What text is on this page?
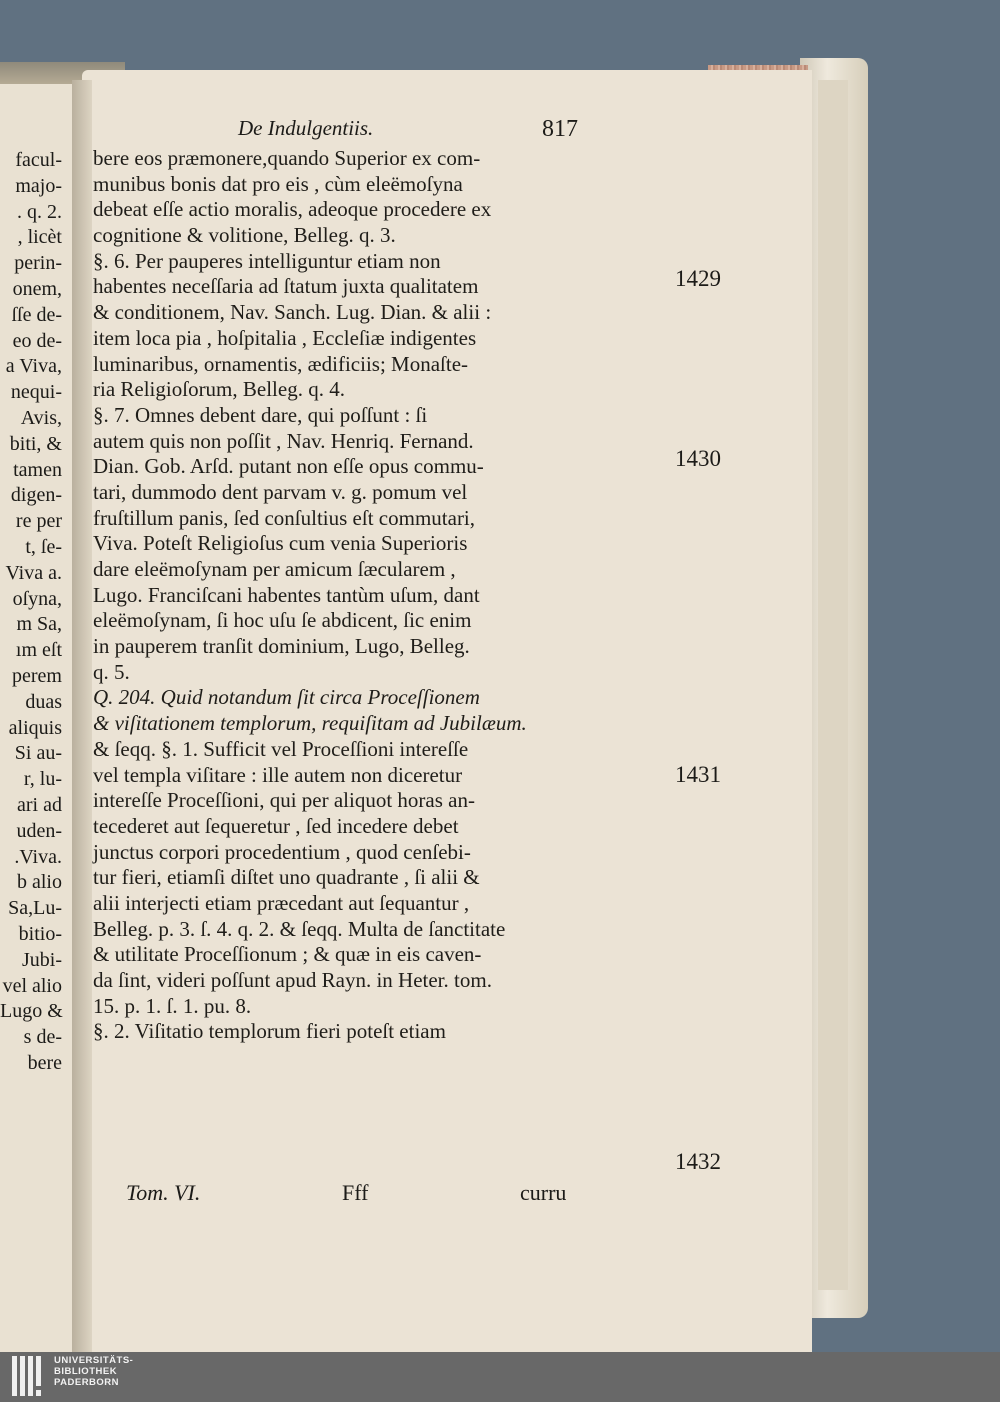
facul-
majo-
. q. 2.
, licèt
perin-
onem,
ſſe de-
eo de-
a Viva,
nequi-
Avis,
biti, &
tamen
digen-
re per
t, ſe-
Viva a.
oſyna,
m Sa,
ım eſt
perem
duas
aliquis
Si au-
r, lu-
ari ad
uden-
.Viva.
b alio
Sa,Lu-
bitio-
Jubi-
vel alio
Lugo &
s de-
bere
De Indulgentiis.	817
bere eos præmonere,quando Superior ex com-
munibus bonis dat pro eis , cùm eleëmoſyna
debeat eſſe actio moralis, adeoque procedere ex
cognitione & volitione, Belleg. q. 3.
§. 6. Per pauperes intelliguntur etiam non
habentes neceſſaria ad ſtatum juxta qualitatem
& conditionem, Nav. Sanch. Lug. Dian. & alii :
item loca pia , hoſpitalia , Eccleſiæ indigentes
luminaribus, ornamentis, ædificiis; Monaſte-
ria Religioſorum, Belleg. q. 4.
§. 7. Omnes debent dare, qui poſſunt : ſi
autem quis non poſſit , Nav. Henriq. Fernand.
Dian. Gob. Arſd. putant non eſſe opus commu-
tari, dummodo dent parvam v. g. pomum vel
fruſtillum panis, ſed conſultius eſt commutari,
Viva. Poteſt Religioſus cum venia Superioris
dare eleëmoſynam per amicum ſæcularem ,
Lugo. Franciſcani habentes tantùm uſum, dant
eleëmoſynam, ſi hoc uſu ſe abdicent, ſic enim
in pauperem tranſit dominium, Lugo, Belleg.
q. 5.
Q. 204. Quid notandum ſit circa Proceſſionem
& viſitationem templorum, requiſitam ad Jubilæum.
& ſeqq. §. 1. Sufficit vel Proceſſioni intereſſe
vel templa viſitare : ille autem non diceretur
intereſſe Proceſſioni, qui per aliquot horas an-
tecederet aut ſequeretur , ſed incedere debet
junctus corpori procedentium , quod cenſebi-
tur fieri, etiamſi diſtet uno quadrante , ſi alii &
alii interjecti etiam præcedant aut ſequantur ,
Belleg. p. 3. ſ. 4. q. 2. & ſeqq. Multa de ſanctitate
& utilitate Proceſſionum ; & quæ in eis caven-
da ſint, videri poſſunt apud Rayn. in Heter. tom.
15. p. 1. ſ. 1. pu. 8.
§. 2. Viſitatio templorum fieri poteſt etiam
1429
1430
1431
1432
Tom. VI.	Fff	curru
UNIVERSITÄTS-
BIBLIOTHEK
PADERBORN
